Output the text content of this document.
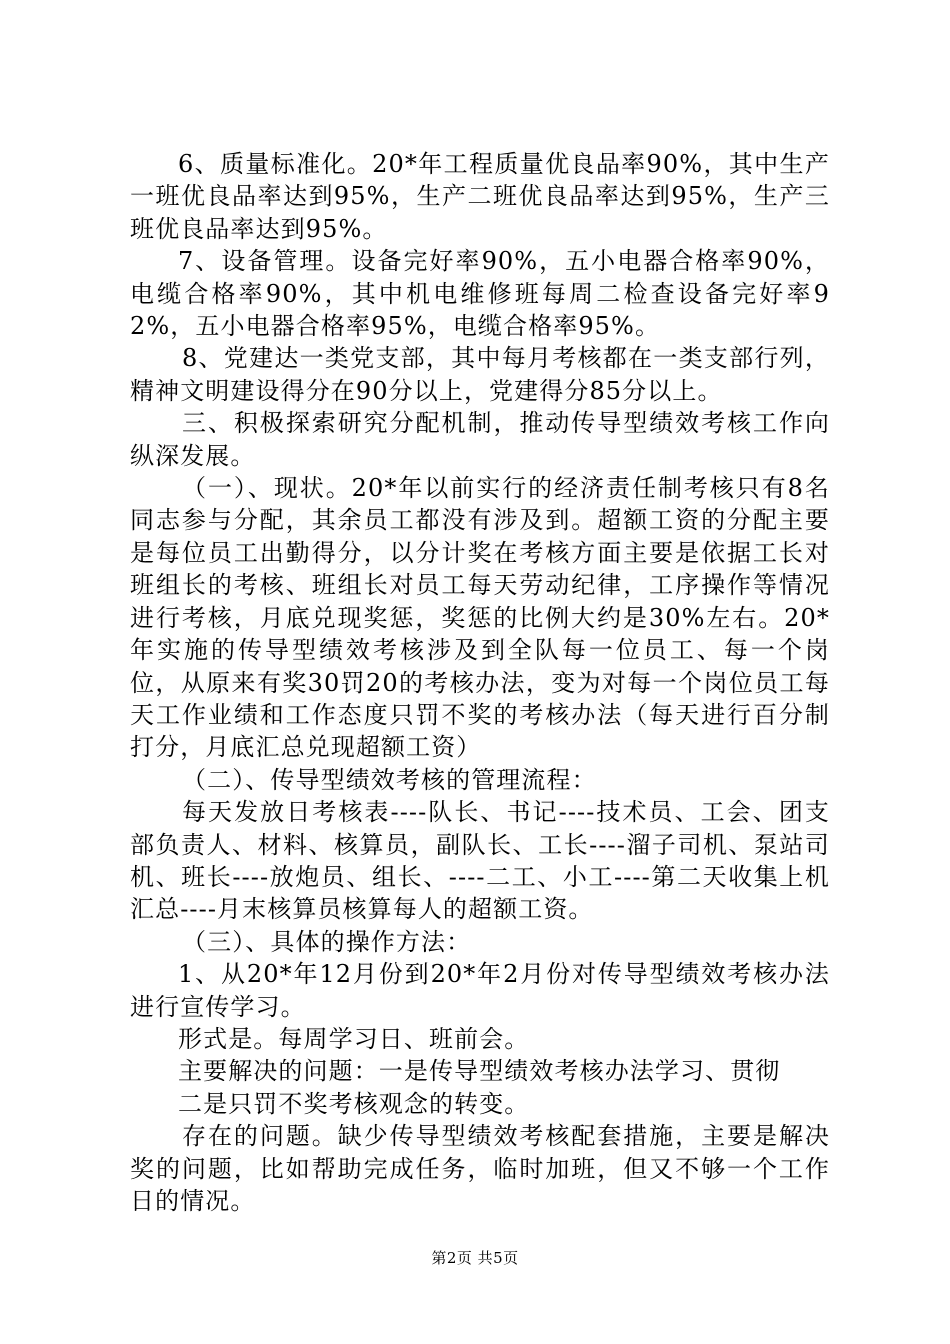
6、质量标准化。20*年工程质量优良品率90%，其中生产一班优良品率达到95%，生产二班优良品率达到95%，生产三班优良品率达到95%。

7、设备管理。设备完好率90%，五小电器合格率90%，电缆合格率90%，其中机电维修班每周二检查设备完好率92%，五小电器合格率95%，电缆合格率95%。

8、党建达一类党支部，其中每月考核都在一类支部行列，精神文明建设得分在90分以上，党建得分85分以上。

三、积极探索研究分配机制，推动传导型绩效考核工作向纵深发展。

（一）、现状。20*年以前实行的经济责任制考核只有8名同志参与分配，其余员工都没有涉及到。超额工资的分配主要是每位员工出勤得分，以分计奖在考核方面主要是依据工长对班组长的考核、班组长对员工每天劳动纪律，工序操作等情况进行考核，月底兑现奖惩，奖惩的比例大约是30%左右。20*年实施的传导型绩效考核涉及到全队每一位员工、每一个岗位，从原来有奖30罚20的考核办法，变为对每一个岗位员工每天工作业绩和工作态度只罚不奖的考核办法（每天进行百分制打分，月底汇总兑现超额工资）

（二）、传导型绩效考核的管理流程：

每天发放日考核表----队长、书记----技术员、工会、团支部负责人、材料、核算员，副队长、工长----溜子司机、泵站司机、班长----放炮员、组长、----二工、小工----第二天收集上机汇总----月末核算员核算每人的超额工资。

（三）、具体的操作方法：

1、从20*年12月份到20*年2月份对传导型绩效考核办法进行宣传学习。

形式是。每周学习日、班前会。

主要解决的问题：一是传导型绩效考核办法学习、贯彻

二是只罚不奖考核观念的转变。

存在的问题。缺少传导型绩效考核配套措施，主要是解决奖的问题，比如帮助完成任务，临时加班，但又不够一个工作日的情况。

第2页 共5页
